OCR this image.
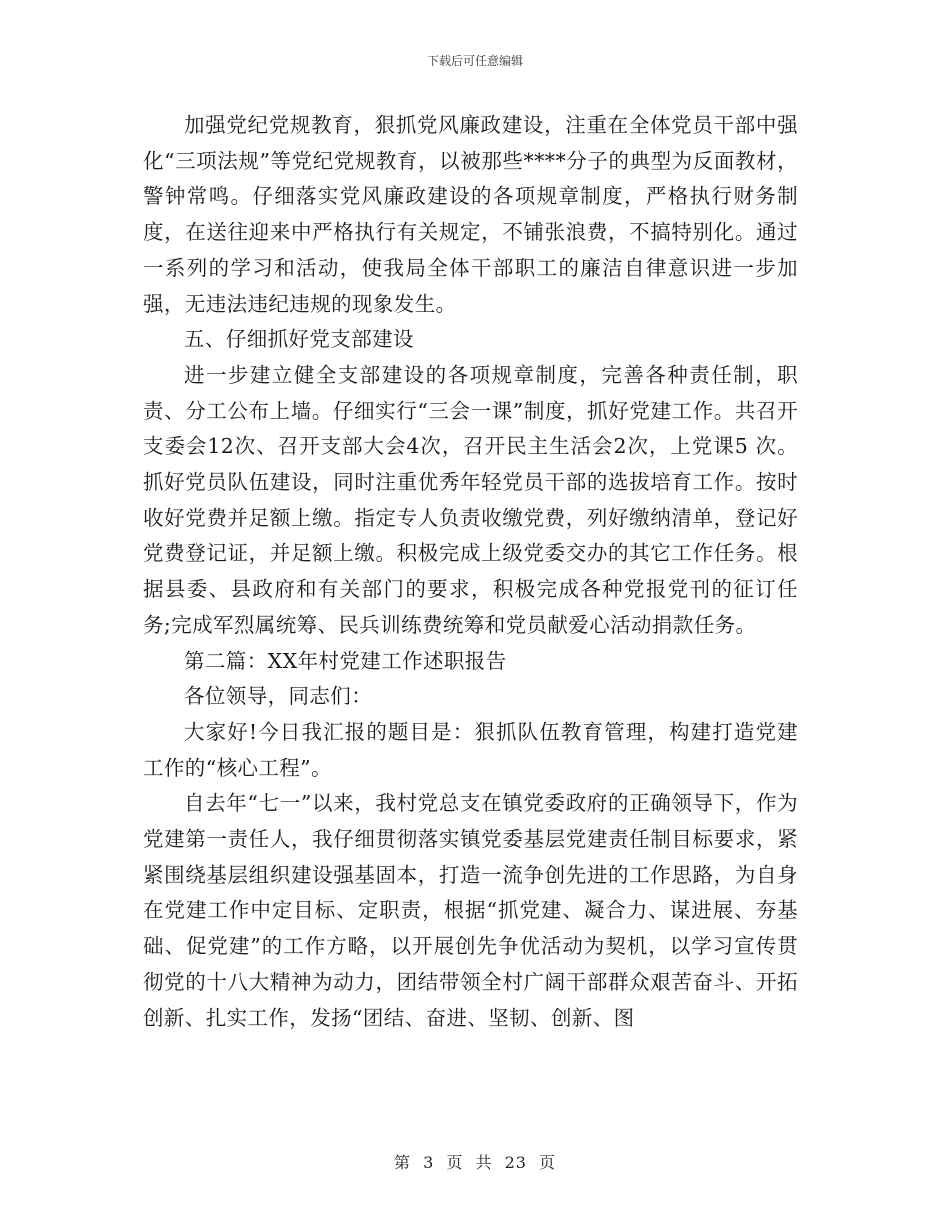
下载后可任意编辑

加强党纪党规教育，狠抓党风廉政建设，注重在全体党员干部中强化“三项法规”等党纪党规教育，以被那些****分子的典型为反面教材，警钟常鸣。仔细落实党风廉政建设的各项规章制度，严格执行财务制度，在送往迎来中严格执行有关规定，不铺张浪费，不搞特别化。通过一系列的学习和活动，使我局全体干部职工的廉洁自律意识进一步加强，无违法违纪违规的现象发生。

五、仔细抓好党支部建设

进一步建立健全支部建设的各项规章制度，完善各种责任制，职责、分工公布上墙。仔细实行“三会一课”制度，抓好党建工作。共召开支委会12次、召开支部大会4次，召开民主生活会2次，上党课5 次。抓好党员队伍建设，同时注重优秀年轻党员干部的选拔培育工作。按时收好党费并足额上缴。指定专人负责收缴党费，列好缴纳清单，登记好党费登记证，并足额上缴。积极完成上级党委交办的其它工作任务。根据县委、县政府和有关部门的要求，积极完成各种党报党刊的征订任务;完成军烈属统筹、民兵训练费统筹和党员献爱心活动捐款任务。

第二篇：XX年村党建工作述职报告

各位领导，同志们：

大家好!今日我汇报的题目是：狠抓队伍教育管理，构建打造党建工作的“核心工程”。

自去年“七一”以来，我村党总支在镇党委政府的正确领导下，作为党建第一责任人，我仔细贯彻落实镇党委基层党建责任制目标要求，紧紧围绕基层组织建设强基固本，打造一流争创先进的工作思路，为自身在党建工作中定目标、定职责，根据“抓党建、凝合力、谋进展、夯基础、促党建”的工作方略，以开展创先争优活动为契机，以学习宣传贯彻党的十八大精神为动力，团结带领全村广阔干部群众艰苦奋斗、开拓创新、扎实工作，发扬“团结、奋进、坚韧、创新、图

第 3 页 共 23 页
